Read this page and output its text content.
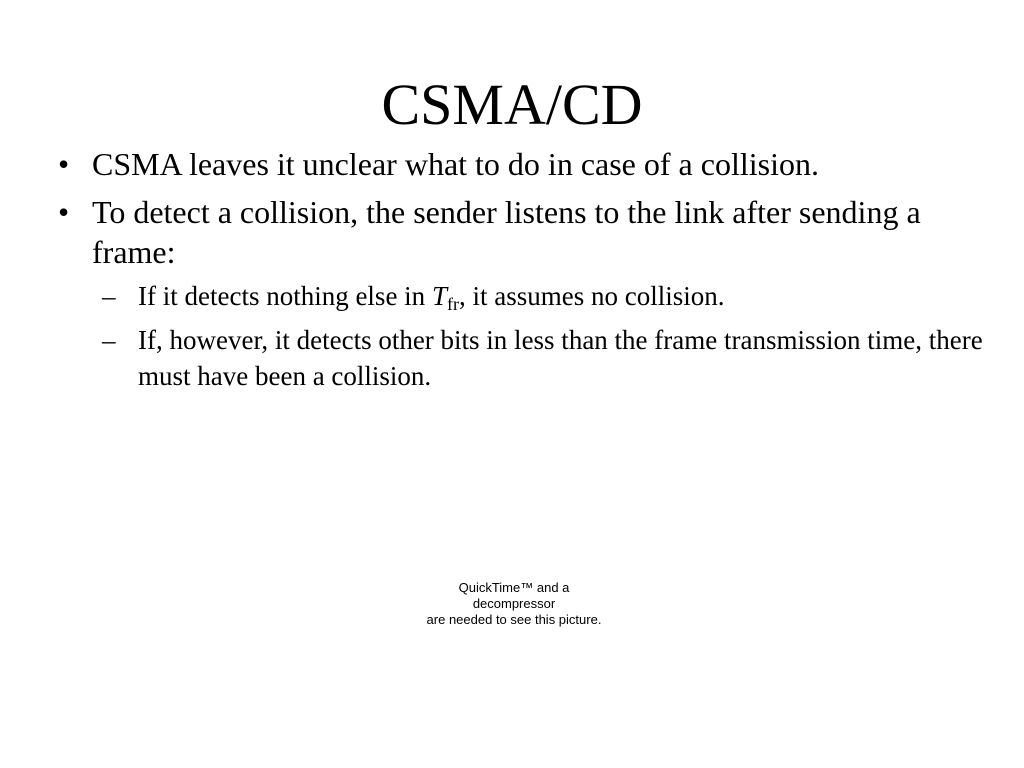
CSMA/CD
• CSMA leaves it unclear what to do in case of a collision.
• To detect a collision, the sender listens to the link after sending a frame:
– If it detects nothing else in $T_{fr}$, it assumes no collision.
– If, however, it detects other bits in less than the frame transmission time, there must have been a collision.
QuickTime™ and a
decompressor
are needed to see this picture.
